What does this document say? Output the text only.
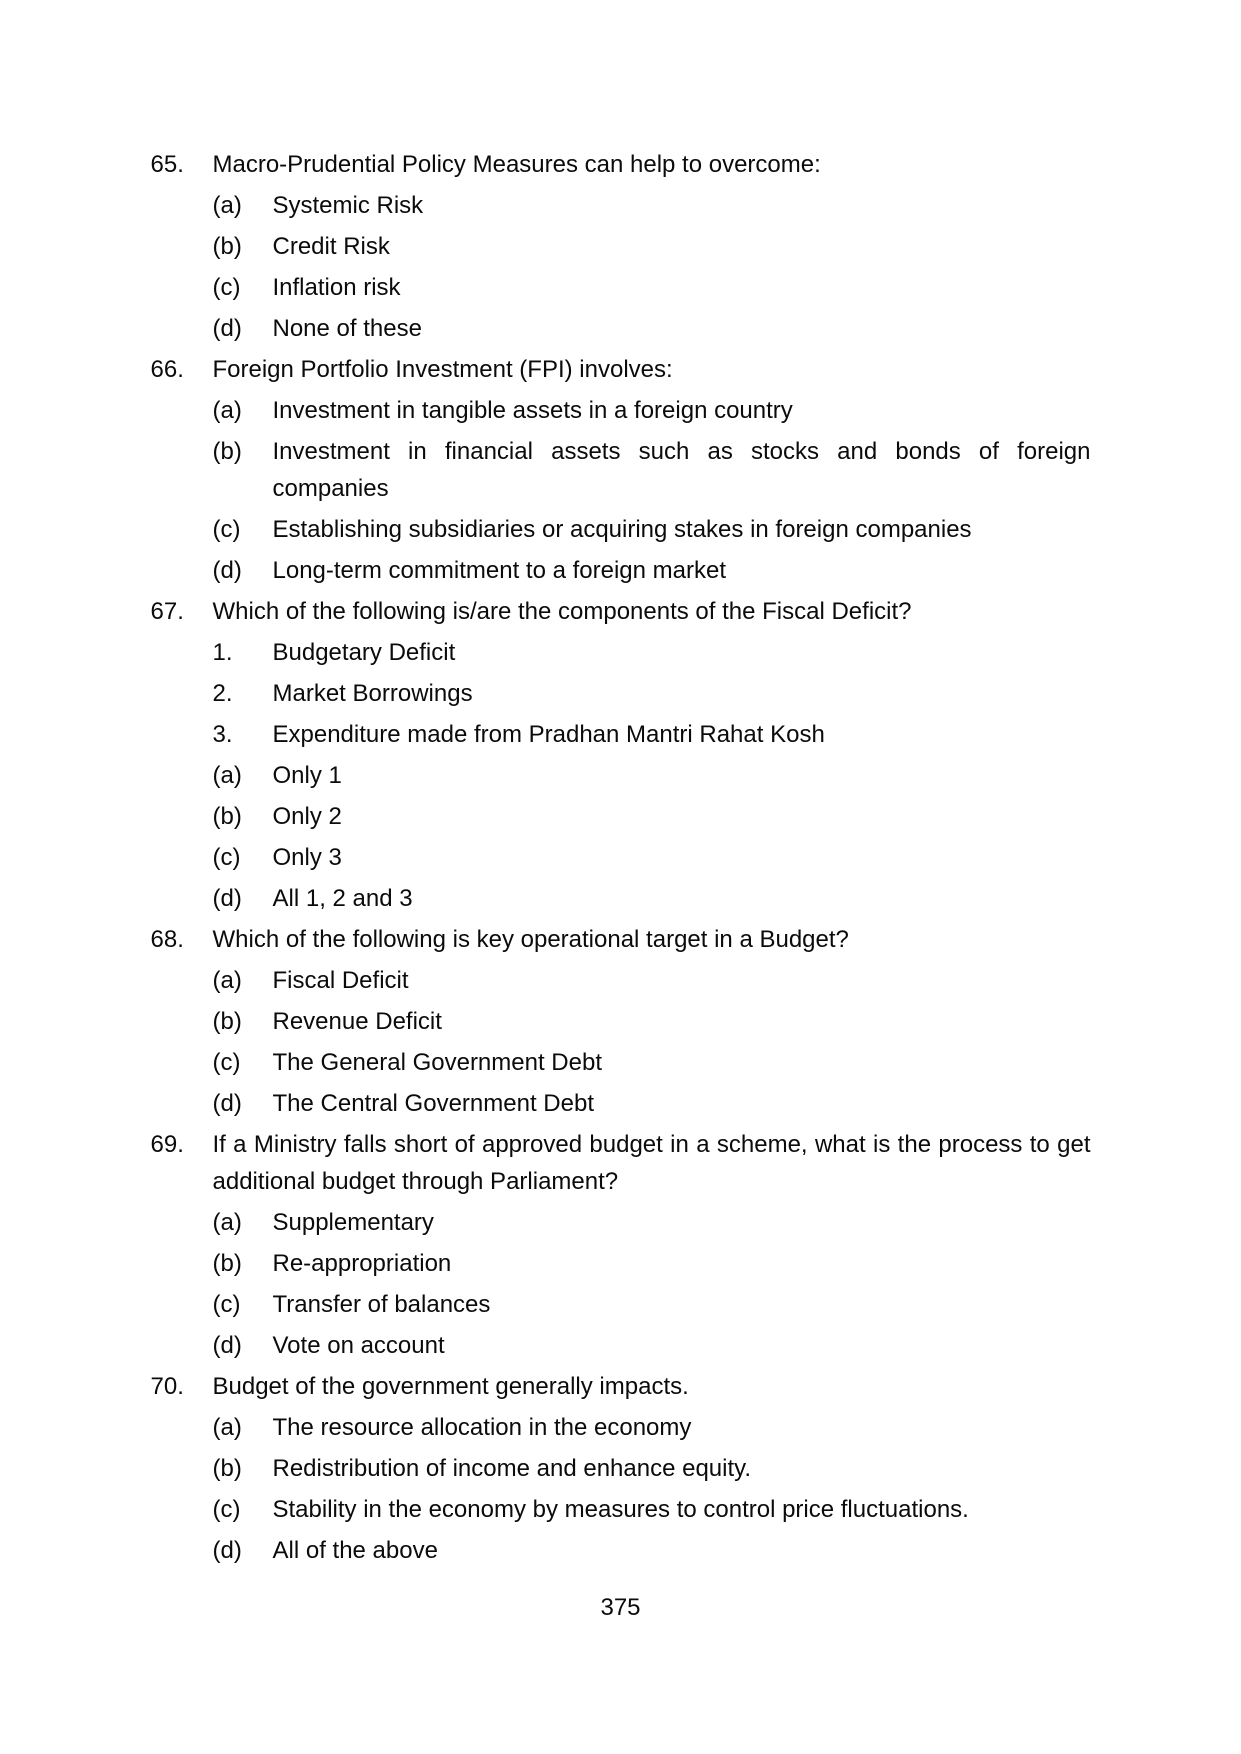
65.	Macro-Prudential Policy Measures can help to overcome:
(a)	Systemic Risk
(b)	Credit Risk
(c)	Inflation risk
(d)	None of these
66.	Foreign Portfolio Investment (FPI) involves:
(a)	Investment in tangible assets in a foreign country
(b)	Investment in financial assets such as stocks and bonds of foreign companies
(c)	Establishing subsidiaries or acquiring stakes in foreign companies
(d)	Long-term commitment to a foreign market
67.	Which of the following is/are the components of the Fiscal Deficit?
1.	Budgetary Deficit
2.	Market Borrowings
3.	Expenditure made from Pradhan Mantri Rahat Kosh
(a)	Only 1
(b)	Only 2
(c)	Only 3
(d)	All 1, 2 and 3
68.	Which of the following is key operational target in a Budget?
(a)	Fiscal Deficit
(b)	Revenue Deficit
(c)	The General Government Debt
(d)	The Central Government Debt
69.	If a Ministry falls short of approved budget in a scheme, what is the process to get additional budget through Parliament?
(a)	Supplementary
(b)	Re-appropriation
(c)	Transfer of balances
(d)	Vote on account
70.	Budget of the government generally impacts.
(a)	The resource allocation in the economy
(b)	Redistribution of income and enhance equity.
(c)	Stability in the economy by measures to control price fluctuations.
(d)	All of the above
375
